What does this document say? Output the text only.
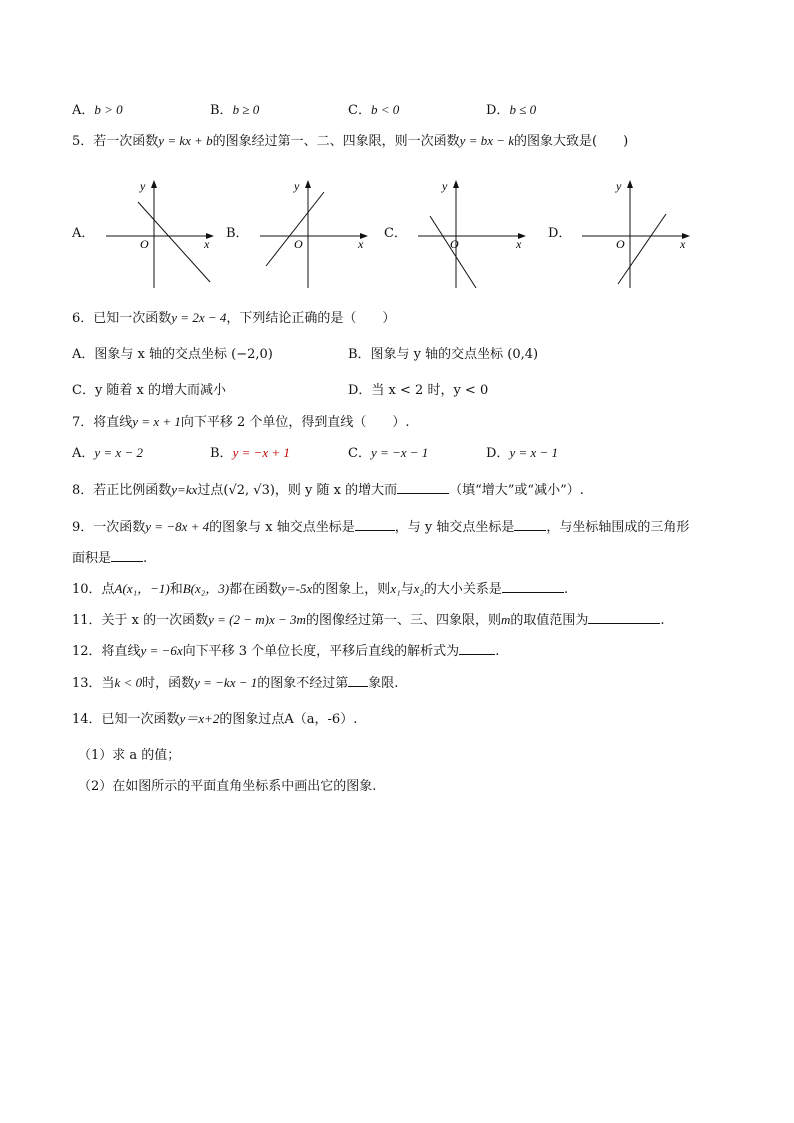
A．b > 0	B．b ≥ 0	C．b < 0	D．b ≤ 0
5．若一次函数y = kx + b的图象经过第一、二、四象限，则一次函数y = bx − k的图象大致是(　　)
A．
y
x
O
B．
y
x
O
C．
y
x
O
D．
y
x
O
6．已知一次函数y = 2x − 4，下列结论正确的是（　　）
A．图象与 x 轴的交点坐标 (−2,0)	B．图象与 y 轴的交点坐标 (0,4)
C．y 随着 x 的增大而减小	D．当 x < 2 时，y < 0
7．将直线y = x + 1向下平移 2 个单位，得到直线（　　）.
A．y = x − 2	B．y = −x + 1	C．y = −x − 1	D．y = x − 1
8．若正比例函数y=kx过点(√2, √3)，则 y 随 x 的增大而	（填“增大”或“减小”）.
9．一次函数y = −8x + 4的图象与 x 轴交点坐标是	，与 y 轴交点坐标是 ，与坐标轴围成的三角形
面积是 .
10．点A(x₁，−1)和B(x₂，3)都在函数y=-5x的图象上，则x₁与x₂的大小关系是	.
11．关于 x 的一次函数y = (2 − m)x − 3m的图像经过第一、三、四象限，则m的取值范围为	.
12．将直线y = −6x向下平移 3 个单位长度，平移后直线的解析式为	.
13．当k < 0时，函数y = −kx − 1的图象不经过第 象限.
14．已知一次函数y＝x+2的图象过点A（a，-6）.
（1）求 a 的值；
（2）在如图所示的平面直角坐标系中画出它的图象.
